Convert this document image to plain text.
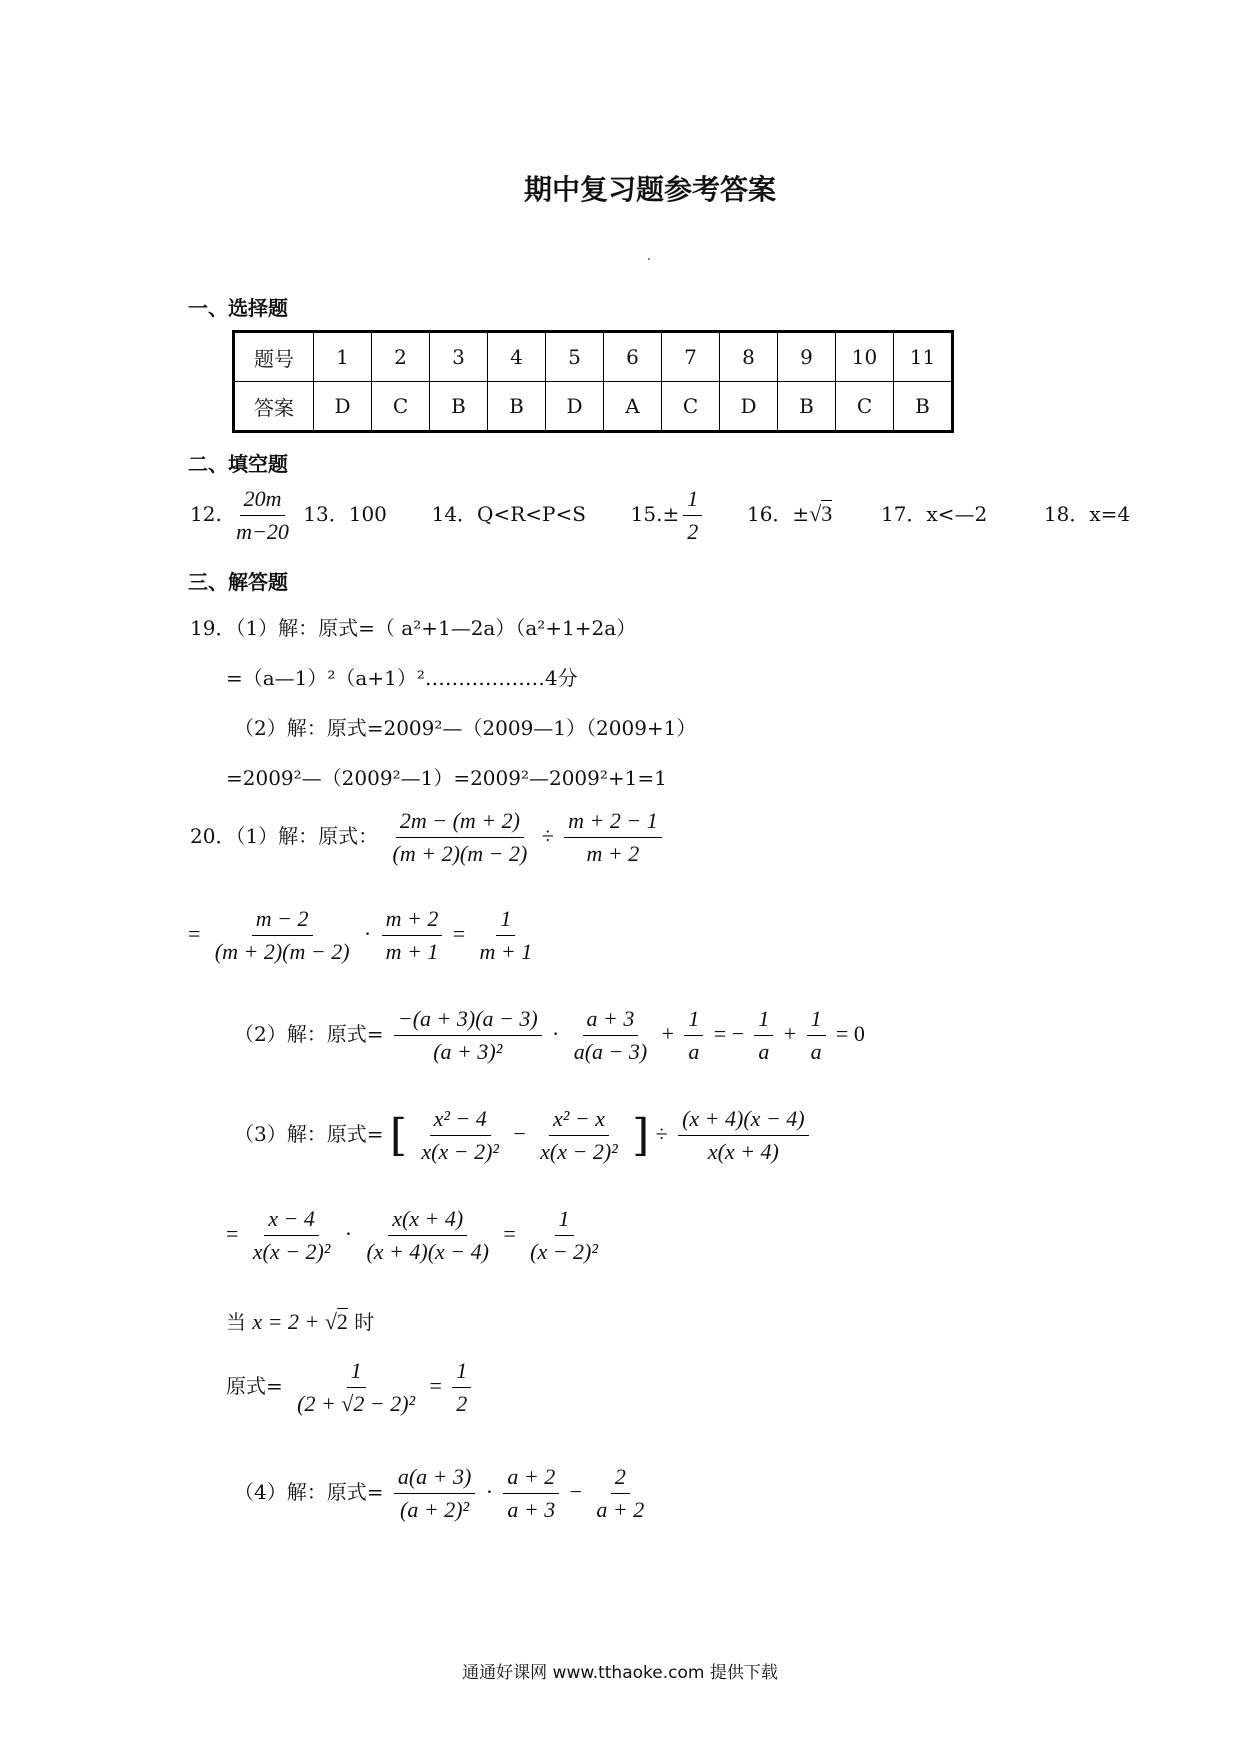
期中复习题参考答案
一、选择题
题号	1	2	3	4	5	6	7	8	9	10	11
答案	D	C	B	B	D	A	C	D	B	C	B
二、填空题
12. $\frac{20m}{m-20} 13$．100 14．Q<R<P<S $15.\pm \frac{1}{2} 16$．±√3 17．x<—2	18．x=4
三、解答题
19．（1）解：原式=（ a²+1—2a）（a²+1+2a）
=（a—1）²（a+1）²………………4分
（2）解：原式=2009²—（2009—1）（2009+1）
=2009²—（2009²—1）=2009²—2009²+1=1
20．（1）解：原式： $\frac{2m - (m + 2)}{(m + 2)(m - 2)} \div \frac{m + 2 - 1}{m + 2}$
= $\frac{m - 2}{(m + 2)(m - 2)} \cdot \frac{m + 2}{m + 1} = \frac{1}{m + 1}$
（2）解：原式= $\frac{-(a + 3)(a - 3)}{\text{(a + 3)²}} \cdot \frac{a + 3}{a(a - 3)} + \frac{1}{a}$ = − $\frac{1}{a} + \frac{1}{a} = 0$
（3）解：原式= [ $\frac{\text{x² − 4}}{\text{x(x − 2)²}} - \frac{\text{x² − x}}{\text{x(x − 2)²}}$ ] ÷ $\frac{(x + 4)(x - 4)}{x(x + 4)}$
= $\frac{x - 4}{\text{x(x − 2)²}} \cdot \frac{x(x + 4)}{(x + 4)(x - 4)} = \frac{1}{\text{(x − 2)²}}$
当 x = 2 + √2 时
原式= $\frac{1}{\text{(2 + √2 − 2)²}} = \frac{1}{2}$
（4）解：原式= $\frac{a(a + 3)}{\text{(a + 2)²}} \cdot \frac{a + 2}{a + 3} - \frac{2}{a + 2}$
通通好课网 www.tthaoke.com 提供下载
